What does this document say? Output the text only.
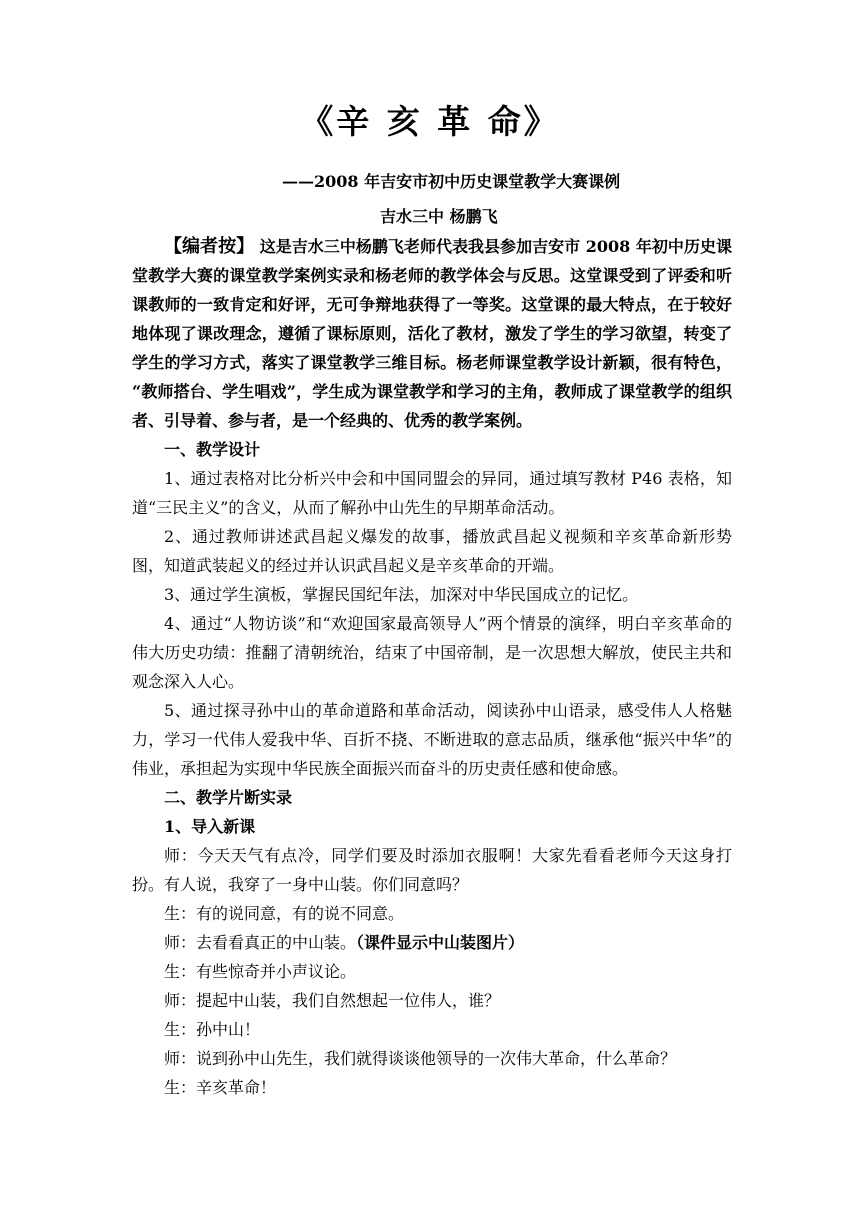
《辛 亥 革 命》
——2008 年吉安市初中历史课堂教学大赛课例
吉水三中 杨鹏飞

【编者按】 这是吉水三中杨鹏飞老师代表我县参加吉安市 2008 年初中历史课堂教学大赛的课堂教学案例实录和杨老师的教学体会与反思。这堂课受到了评委和听课教师的一致肯定和好评，无可争辩地获得了一等奖。这堂课的最大特点，在于较好地体现了课改理念，遵循了课标原则，活化了教材，激发了学生的学习欲望，转变了学生的学习方式，落实了课堂教学三维目标。杨老师课堂教学设计新颖，很有特色， “教师搭台、学生唱戏”，学生成为课堂教学和学习的主角，教师成了课堂教学的组织者、引导着、参与者，是一个经典的、优秀的教学案例。

一、教学设计

1、通过表格对比分析兴中会和中国同盟会的异同，通过填写教材 P46 表格，知道“三民主义”的含义，从而了解孙中山先生的早期革命活动。

2、通过教师讲述武昌起义爆发的故事，播放武昌起义视频和辛亥革命新形势图，知道武装起义的经过并认识武昌起义是辛亥革命的开端。

3、通过学生演板，掌握民国纪年法，加深对中华民国成立的记忆。

4、通过“人物访谈”和“欢迎国家最高领导人”两个情景的演绎，明白辛亥革命的伟大历史功绩：推翻了清朝统治，结束了中国帝制，是一次思想大解放，使民主共和观念深入人心。

5、通过探寻孙中山的革命道路和革命活动，阅读孙中山语录，感受伟人人格魅力，学习一代伟人爱我中华、百折不挠、不断进取的意志品质，继承他“振兴中华”的伟业，承担起为实现中华民族全面振兴而奋斗的历史责任感和使命感。

二、教学片断实录

1、导入新课

师：今天天气有点冷，同学们要及时添加衣服啊！大家先看看老师今天这身打扮。有人说，我穿了一身中山装。你们同意吗？

生：有的说同意，有的说不同意。

师：去看看真正的中山装。（课件显示中山装图片）

生：有些惊奇并小声议论。

师：提起中山装，我们自然想起一位伟人，谁？

生：孙中山！

师：说到孙中山先生，我们就得谈谈他领导的一次伟大革命，什么革命？

生：辛亥革命！
